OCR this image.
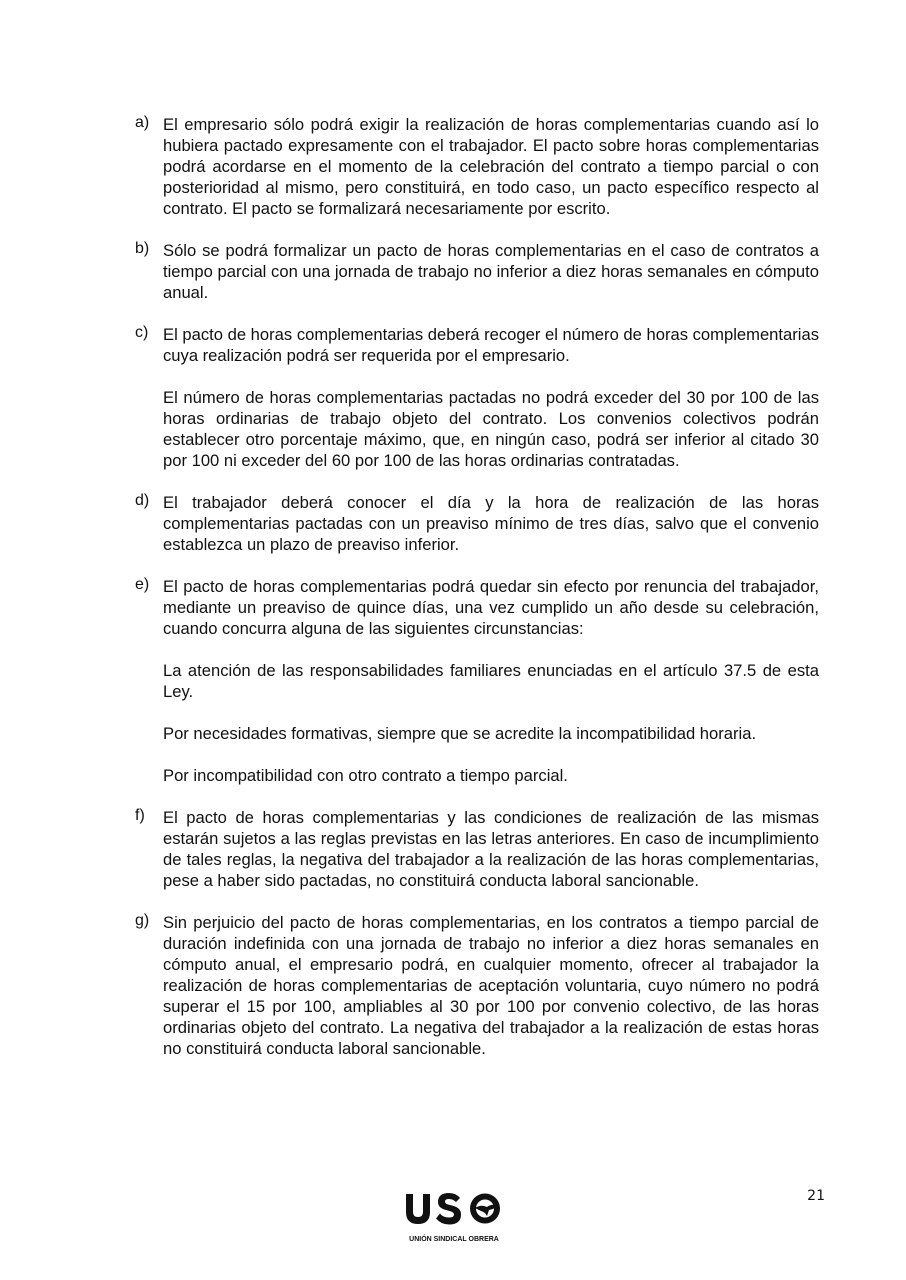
a) El empresario sólo podrá exigir la realización de horas complementarias cuando así lo hubiera pactado expresamente con el trabajador. El pacto sobre horas complementarias podrá acordarse en el momento de la celebración del contrato a tiempo parcial o con posterioridad al mismo, pero constituirá, en todo caso, un pacto específico respecto al contrato. El pacto se formalizará necesariamente por escrito.

b) Sólo se podrá formalizar un pacto de horas complementarias en el caso de contratos a tiempo parcial con una jornada de trabajo no inferior a diez horas semanales en cómputo anual.

c) El pacto de horas complementarias deberá recoger el número de horas complementarias cuya realización podrá ser requerida por el empresario.

El número de horas complementarias pactadas no podrá exceder del 30 por 100 de las horas ordinarias de trabajo objeto del contrato. Los convenios colectivos podrán establecer otro porcentaje máximo, que, en ningún caso, podrá ser inferior al citado 30 por 100 ni exceder del 60 por 100 de las horas ordinarias contratadas.

d) El trabajador deberá conocer el día y la hora de realización de las horas complementarias pactadas con un preaviso mínimo de tres días, salvo que el convenio establezca un plazo de preaviso inferior.

e) El pacto de horas complementarias podrá quedar sin efecto por renuncia del trabajador, mediante un preaviso de quince días, una vez cumplido un año desde su celebración, cuando concurra alguna de las siguientes circunstancias:

La atención de las responsabilidades familiares enunciadas en el artículo 37.5 de esta Ley.

Por necesidades formativas, siempre que se acredite la incompatibilidad horaria.

Por incompatibilidad con otro contrato a tiempo parcial.

f) El pacto de horas complementarias y las condiciones de realización de las mismas estarán sujetos a las reglas previstas en las letras anteriores. En caso de incumplimiento de tales reglas, la negativa del trabajador a la realización de las horas complementarias, pese a haber sido pactadas, no constituirá conducta laboral sancionable.

g) Sin perjuicio del pacto de horas complementarias, en los contratos a tiempo parcial de duración indefinida con una jornada de trabajo no inferior a diez horas semanales en cómputo anual, el empresario podrá, en cualquier momento, ofrecer al trabajador la realización de horas complementarias de aceptación voluntaria, cuyo número no podrá superar el 15 por 100, ampliables al 30 por 100 por convenio colectivo, de las horas ordinarias objeto del contrato. La negativa del trabajador a la realización de estas horas no constituirá conducta laboral sancionable.

21
UNIÓN SINDICAL OBRERA
